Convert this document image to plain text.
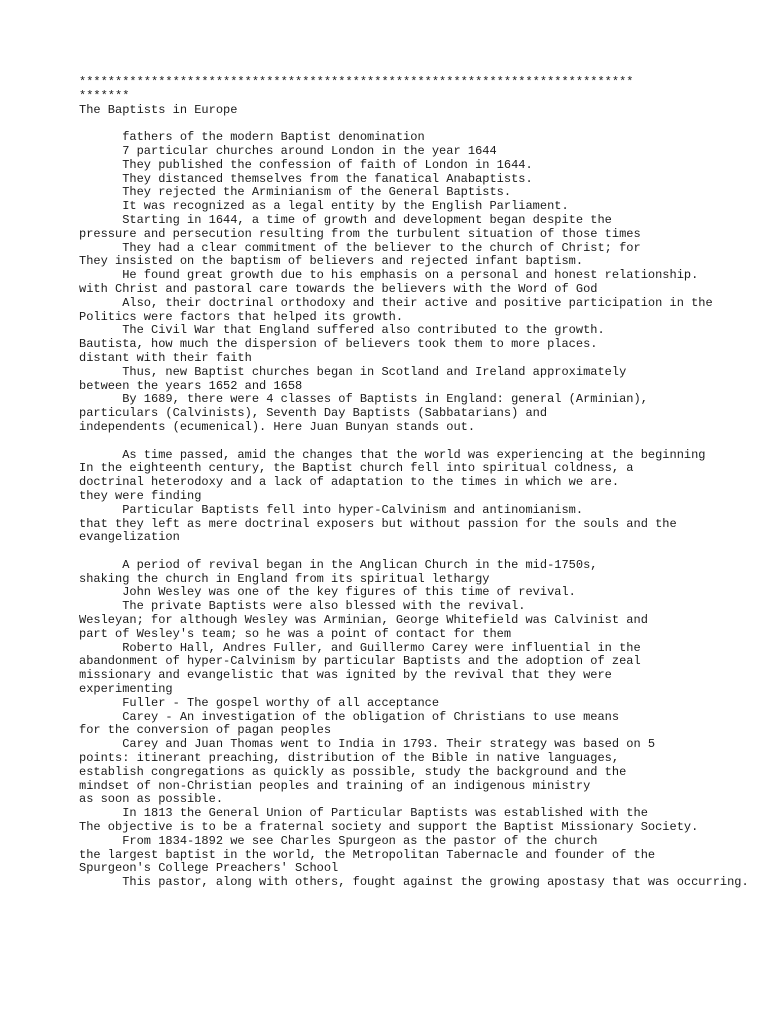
*****************************************************************************
*******
The Baptists in Europe
fathers of the modern Baptist denomination
7 particular churches around London in the year 1644
They published the confession of faith of London in 1644.
They distanced themselves from the fanatical Anabaptists.
They rejected the Arminianism of the General Baptists.
It was recognized as a legal entity by the English Parliament.
Starting in 1644, a time of growth and development began despite the
pressure and persecution resulting from the turbulent situation of those times
They had a clear commitment of the believer to the church of Christ; for
They insisted on the baptism of believers and rejected infant baptism.
He found great growth due to his emphasis on a personal and honest relationship.
with Christ and pastoral care towards the believers with the Word of God
Also, their doctrinal orthodoxy and their active and positive participation in the
Politics were factors that helped its growth.
The Civil War that England suffered also contributed to the growth.
Bautista, how much the dispersion of believers took them to more places.
distant with their faith
Thus, new Baptist churches began in Scotland and Ireland approximately
between the years 1652 and 1658
By 1689, there were 4 classes of Baptists in England: general (Arminian),
particulars (Calvinists), Seventh Day Baptists (Sabbatarians) and
independents (ecumenical). Here Juan Bunyan stands out.
As time passed, amid the changes that the world was experiencing at the beginning
In the eighteenth century, the Baptist church fell into spiritual coldness, a
doctrinal heterodoxy and a lack of adaptation to the times in which we are.
they were finding
Particular Baptists fell into hyper-Calvinism and antinomianism.
that they left as mere doctrinal exposers but without passion for the souls and the
evangelization
A period of revival began in the Anglican Church in the mid-1750s,
shaking the church in England from its spiritual lethargy
John Wesley was one of the key figures of this time of revival.
The private Baptists were also blessed with the revival.
Wesleyan; for although Wesley was Arminian, George Whitefield was Calvinist and
part of Wesley's team; so he was a point of contact for them
Roberto Hall, Andres Fuller, and Guillermo Carey were influential in the
abandonment of hyper-Calvinism by particular Baptists and the adoption of zeal
missionary and evangelistic that was ignited by the revival that they were
experimenting
Fuller - The gospel worthy of all acceptance
Carey - An investigation of the obligation of Christians to use means
for the conversion of pagan peoples
Carey and Juan Thomas went to India in 1793. Their strategy was based on 5
points: itinerant preaching, distribution of the Bible in native languages,
establish congregations as quickly as possible, study the background and the
mindset of non-Christian peoples and training of an indigenous ministry
as soon as possible.
In 1813 the General Union of Particular Baptists was established with the
The objective is to be a fraternal society and support the Baptist Missionary Society.
From 1834-1892 we see Charles Spurgeon as the pastor of the church
the largest baptist in the world, the Metropolitan Tabernacle and founder of the
Spurgeon's College Preachers' School
This pastor, along with others, fought against the growing apostasy that was occurring.
